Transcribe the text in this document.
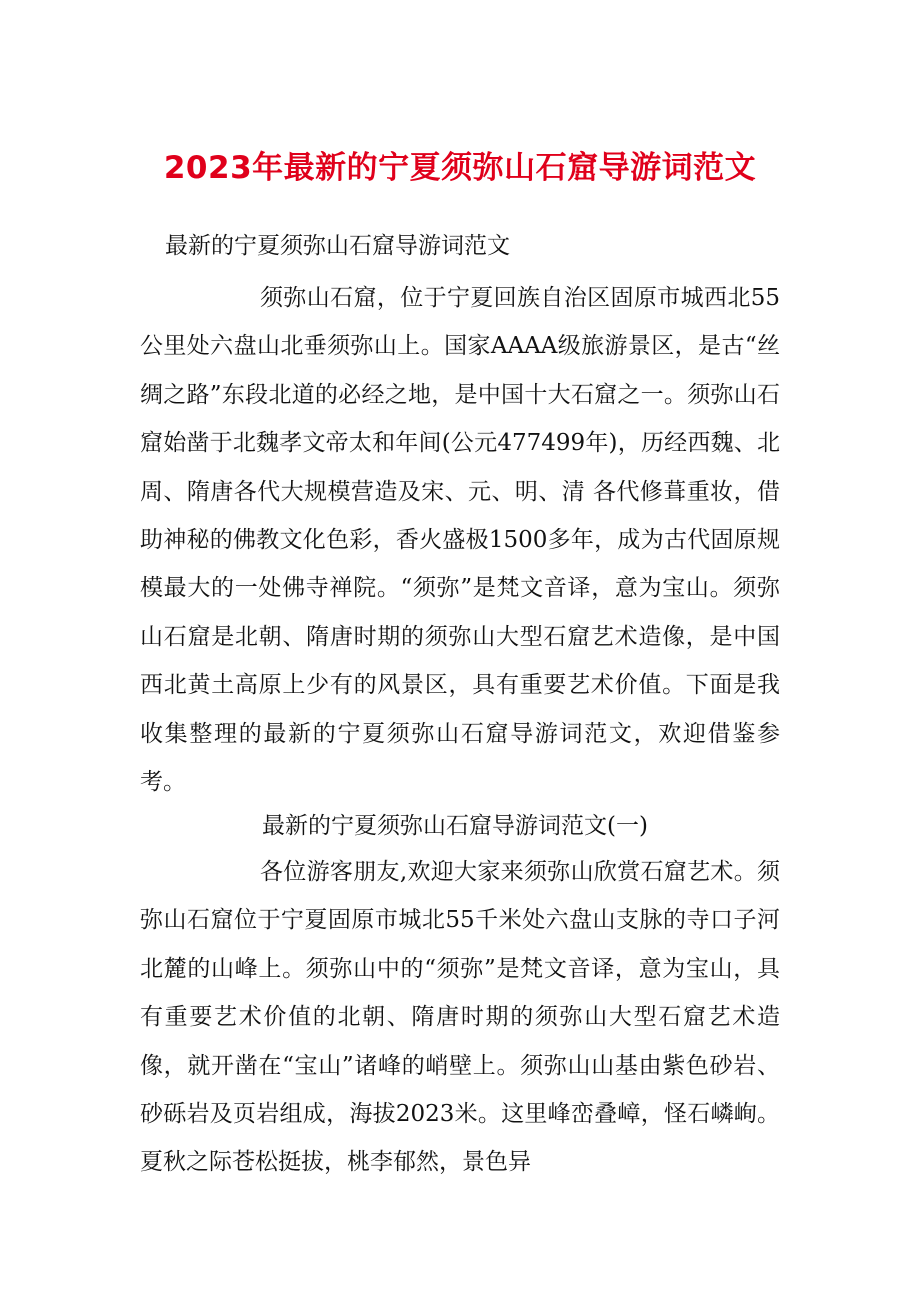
2023年最新的宁夏须弥山石窟导游词范文
最新的宁夏须弥山石窟导游词范文
须弥山石窟，位于宁夏回族自治区固原市城西北55公里处六盘山北垂须弥山上。国家AAAA级旅游景区，是古“丝绸之路”东段北道的必经之地，是中国十大石窟之一。须弥山石窟始凿于北魏孝文帝太和年间(公元477499年)，历经西魏、北周、隋唐各代大规模营造及宋、元、明、清 各代修葺重妆，借助神秘的佛教文化色彩，香火盛极1500多年，成为古代固原规模最大的一处佛寺禅院。“须弥”是梵文音译，意为宝山。须弥山石窟是北朝、隋唐时期的须弥山大型石窟艺术造像，是中国西北黄土高原上少有的风景区，具有重要艺术价值。下面是我收集整理的最新的宁夏须弥山石窟导游词范文，欢迎借鉴参考。
最新的宁夏须弥山石窟导游词范文(一)
各位游客朋友,欢迎大家来须弥山欣赏石窟艺术。须弥山石窟位于宁夏固原市城北55千米处六盘山支脉的寺口子河北麓的山峰上。须弥山中的“须弥”是梵文音译，意为宝山，具有重要艺术价值的北朝、隋唐时期的须弥山大型石窟艺术造像，就开凿在“宝山”诸峰的峭壁上。须弥山山基由紫色砂岩、砂砾岩及页岩组成，海拔2023米。这里峰峦叠嶂，怪石嶙峋。夏秋之际苍松挺拔，桃李郁然，景色异
